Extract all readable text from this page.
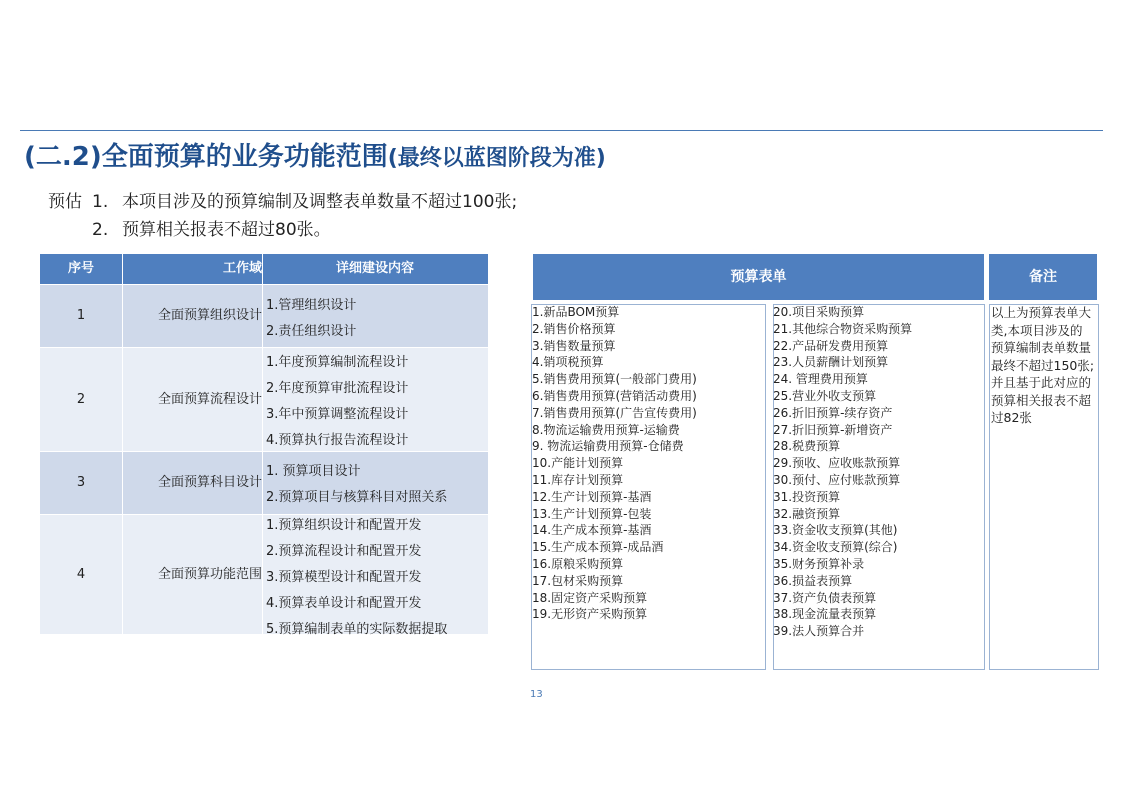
(二.2)全面预算的业务功能范围(最终以蓝图阶段为准)
预估 1. 本项目涉及的预算编制及调整表单数量不超过100张;
2. 预算相关报表不超过80张。
序号	工作域	详细建设内容
1	全面预算组织设计
1.管理组织设计
2.责任组织设计
2	全面预算流程设计
1.年度预算编制流程设计
2.年度预算审批流程设计
3.年中预算调整流程设计
4.预算执行报告流程设计
3	全面预算科目设计
1. 预算项目设计
2.预算项目与核算科目对照关系
4	全面预算功能范围
1.预算组织设计和配置开发
2.预算流程设计和配置开发
3.预算模型设计和配置开发
4.预算表单设计和配置开发
5.预算编制表单的实际数据提取
预算表单	备注
1.新品BOM预算
2.销售价格预算
3.销售数量预算
4.销项税预算
5.销售费用预算(一般部门费用)
6.销售费用预算(营销活动费用)
7.销售费用预算(广告宣传费用)
8.物流运输费用预算-运输费
9. 物流运输费用预算-仓储费
10.产能计划预算
11.库存计划预算
12.生产计划预算-基酒
13.生产计划预算-包装
14.生产成本预算-基酒
15.生产成本预算-成品酒
16.原粮采购预算
17.包材采购预算
18.固定资产采购预算
19.无形资产采购预算
20.项目采购预算
21.其他综合物资采购预算
22.产品研发费用预算
23.人员薪酬计划预算
24. 管理费用预算
25.营业外收支预算
26.折旧预算-续存资产
27.折旧预算-新增资产
28.税费预算
29.预收、应收账款预算
30.预付、应付账款预算
31.投资预算
32.融资预算
33.资金收支预算(其他)
34.资金收支预算(综合)
35.财务预算补录
36.损益表预算
37.资产负债表预算
38.现金流量表预算
39.法人预算合并
以上为预算表单大
类,本项目涉及的
预算编制表单数量
最终不超过150张;
并且基于此对应的
预算相关报表不超
过82张
13
